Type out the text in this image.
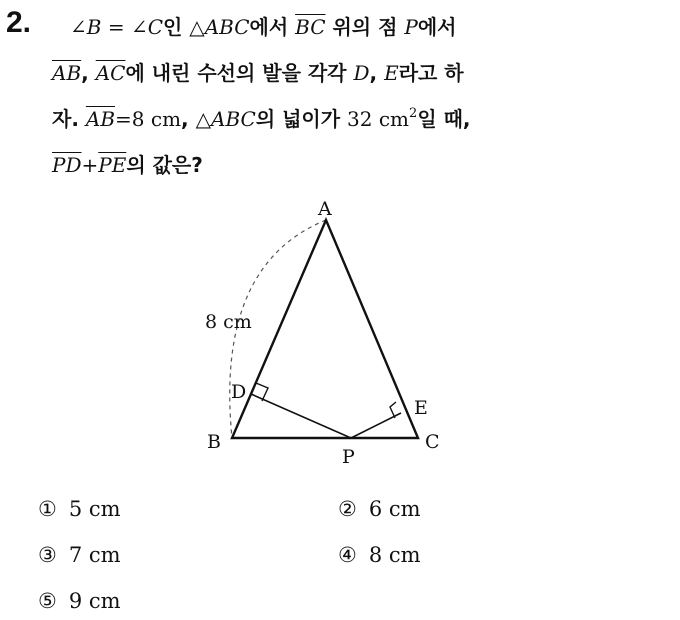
2.	∠B = ∠C인 △ABC에서 $\overline{BC}$ 위의 점 P에서
$\overline{AB}$, $\overline{AC}$에 내린 수선의 발을 각각 D, E라고 하
자. $\overline{AB}=8$ cm, △ABC의 넓이가 32 $cm^2$일 때,
$\overline{PD}+\overline{PE}$의 값은?
A
B	C
D
E
P
8 cm
① 5 cm	② 6 cm
③ 7 cm	④ 8 cm
⑤ 9 cm
